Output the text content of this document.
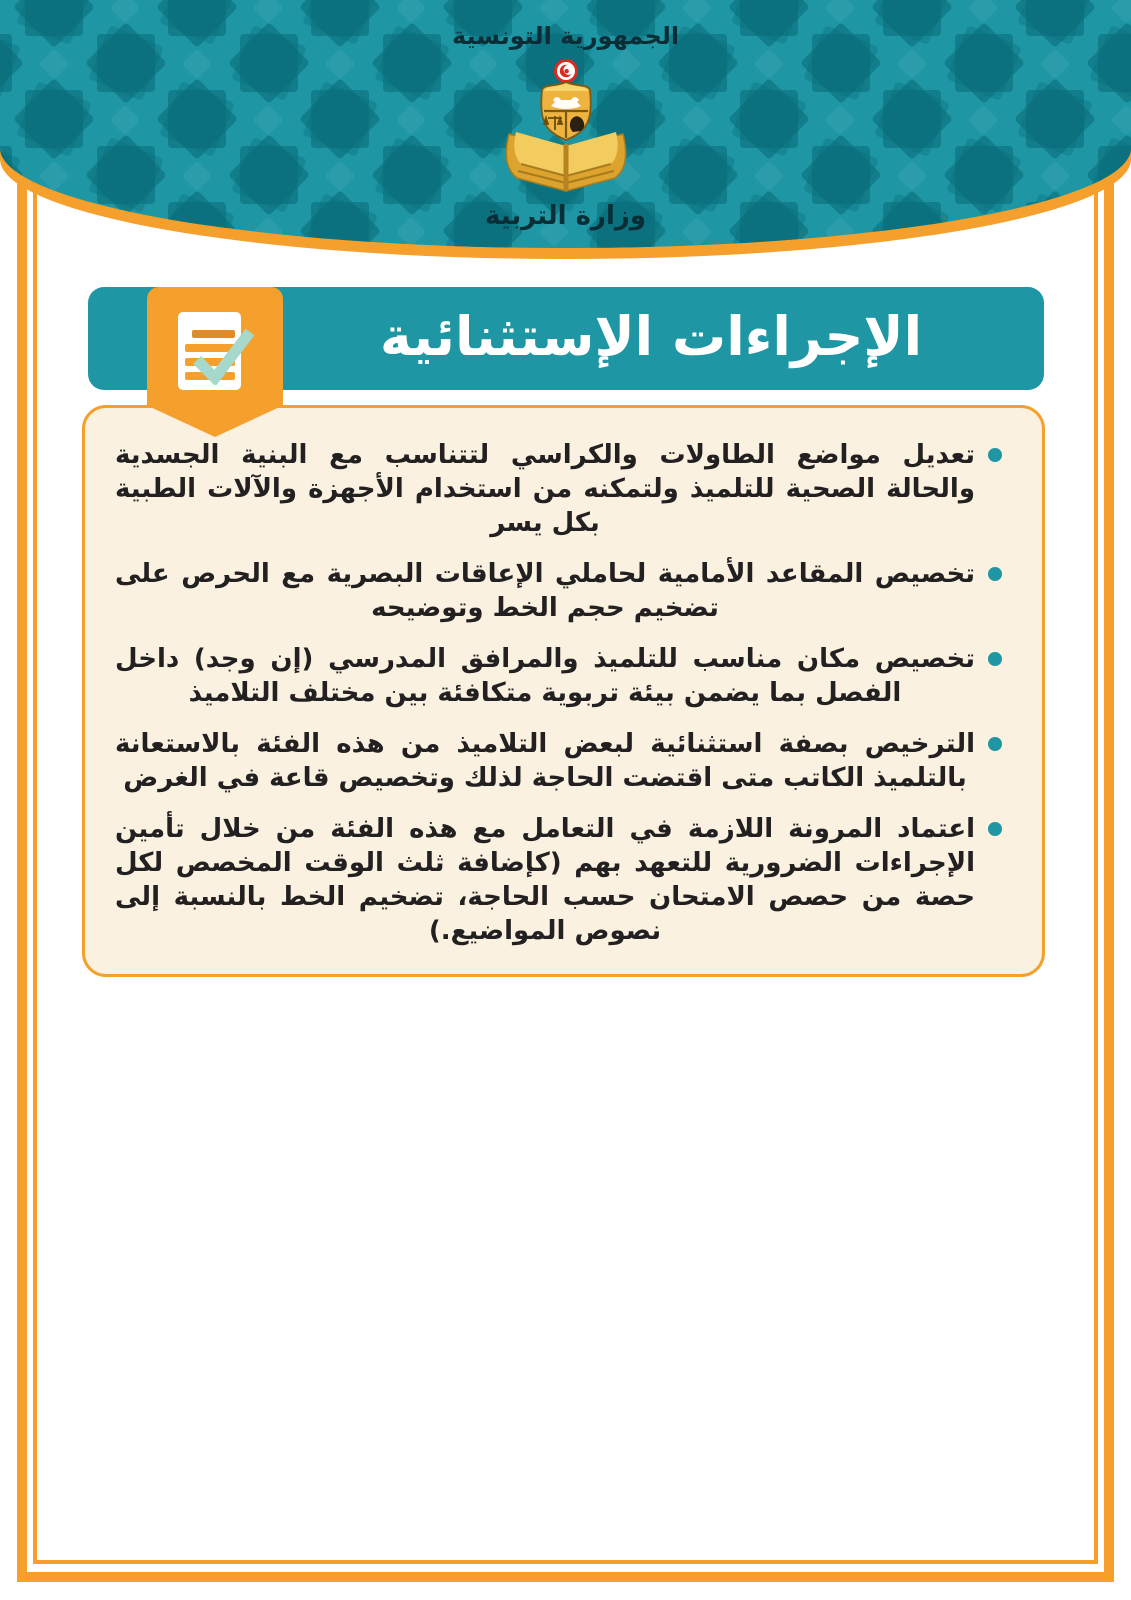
الجمهورية التونسية
وزارة التربية
الإجراءات الإستثنائية

تعديل مواضع الطاولات والكراسي لتتناسب مع البنية الجسدية والحالة الصحية للتلميذ ولتمكنه من استخدام الأجهزة والآلات الطبية بكل يسر

تخصيص المقاعد الأمامية لحاملي الإعاقات البصرية مع الحرص على تضخيم حجم الخط وتوضيحه

تخصيص مكان مناسب للتلميذ والمرافق المدرسي (إن وجد) داخل الفصل بما يضمن بيئة تربوية متكافئة بين مختلف التلاميذ

الترخيص بصفة استثنائية لبعض التلاميذ من هذه الفئة بالاستعانة بالتلميذ الكاتب متى اقتضت الحاجة لذلك وتخصيص قاعة في الغرض

اعتماد المرونة اللازمة في التعامل مع هذه الفئة من خلال تأمين الإجراءات الضرورية للتعهد بهم (كإضافة ثلث الوقت المخصص لكل حصة من حصص الامتحان حسب الحاجة، تضخيم الخط بالنسبة إلى نصوص المواضيع.)
